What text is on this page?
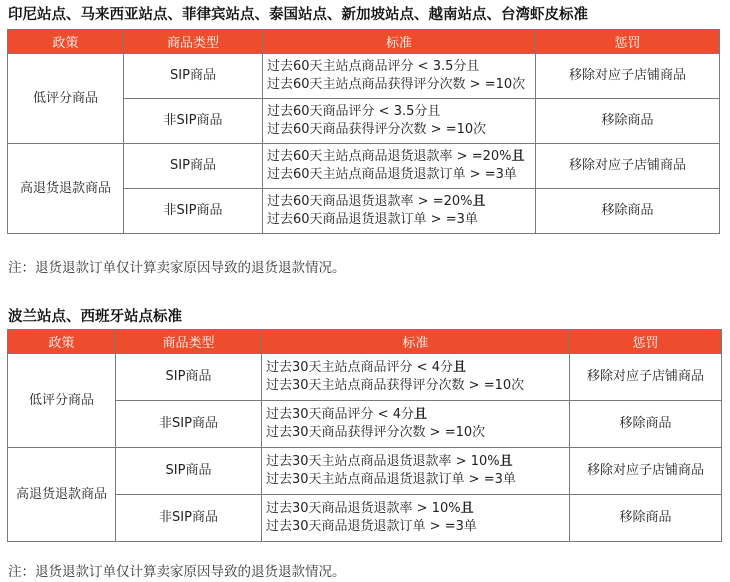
印尼站点、马来西亚站点、菲律宾站点、泰国站点、新加坡站点、越南站点、台湾虾皮标准
政策	商品类型	标准	惩罚
低评分商品	SIP商品	过去60天主站点商品评分 < 3.5分且
过去60天主站点商品获得评分次数 > =10次	移除对应子店铺商品
	非SIP商品	过去60天商品评分 < 3.5分且
过去60天商品获得评分次数 > =10次	移除商品
高退货退款商品	SIP商品	过去60天主站点商品退货退款率 > =20%且
过去60天主站点商品退货退款订单 > =3单	移除对应子店铺商品
	非SIP商品	过去60天商品退货退款率 > =20%且
过去60天商品退货退款订单 > =3单	移除商品
注：退货退款订单仅计算卖家原因导致的退货退款情况。
波兰站点、西班牙站点标准
政策	商品类型	标准	惩罚
低评分商品	SIP商品	过去30天主站点商品评分 < 4分且
过去30天主站点商品获得评分次数 > =10次	移除对应子店铺商品
	非SIP商品	过去30天商品评分 < 4分且
过去30天商品获得评分次数 > =10次	移除商品
高退货退款商品	SIP商品	过去30天主站点商品退货退款率 > 10%且
过去30天主站点商品退货退款订单 > =3单	移除对应子店铺商品
	非SIP商品	过去30天商品退货退款率 > 10%且
过去30天商品退货退款订单 > =3单	移除商品
注：退货退款订单仅计算卖家原因导致的退货退款情况。
